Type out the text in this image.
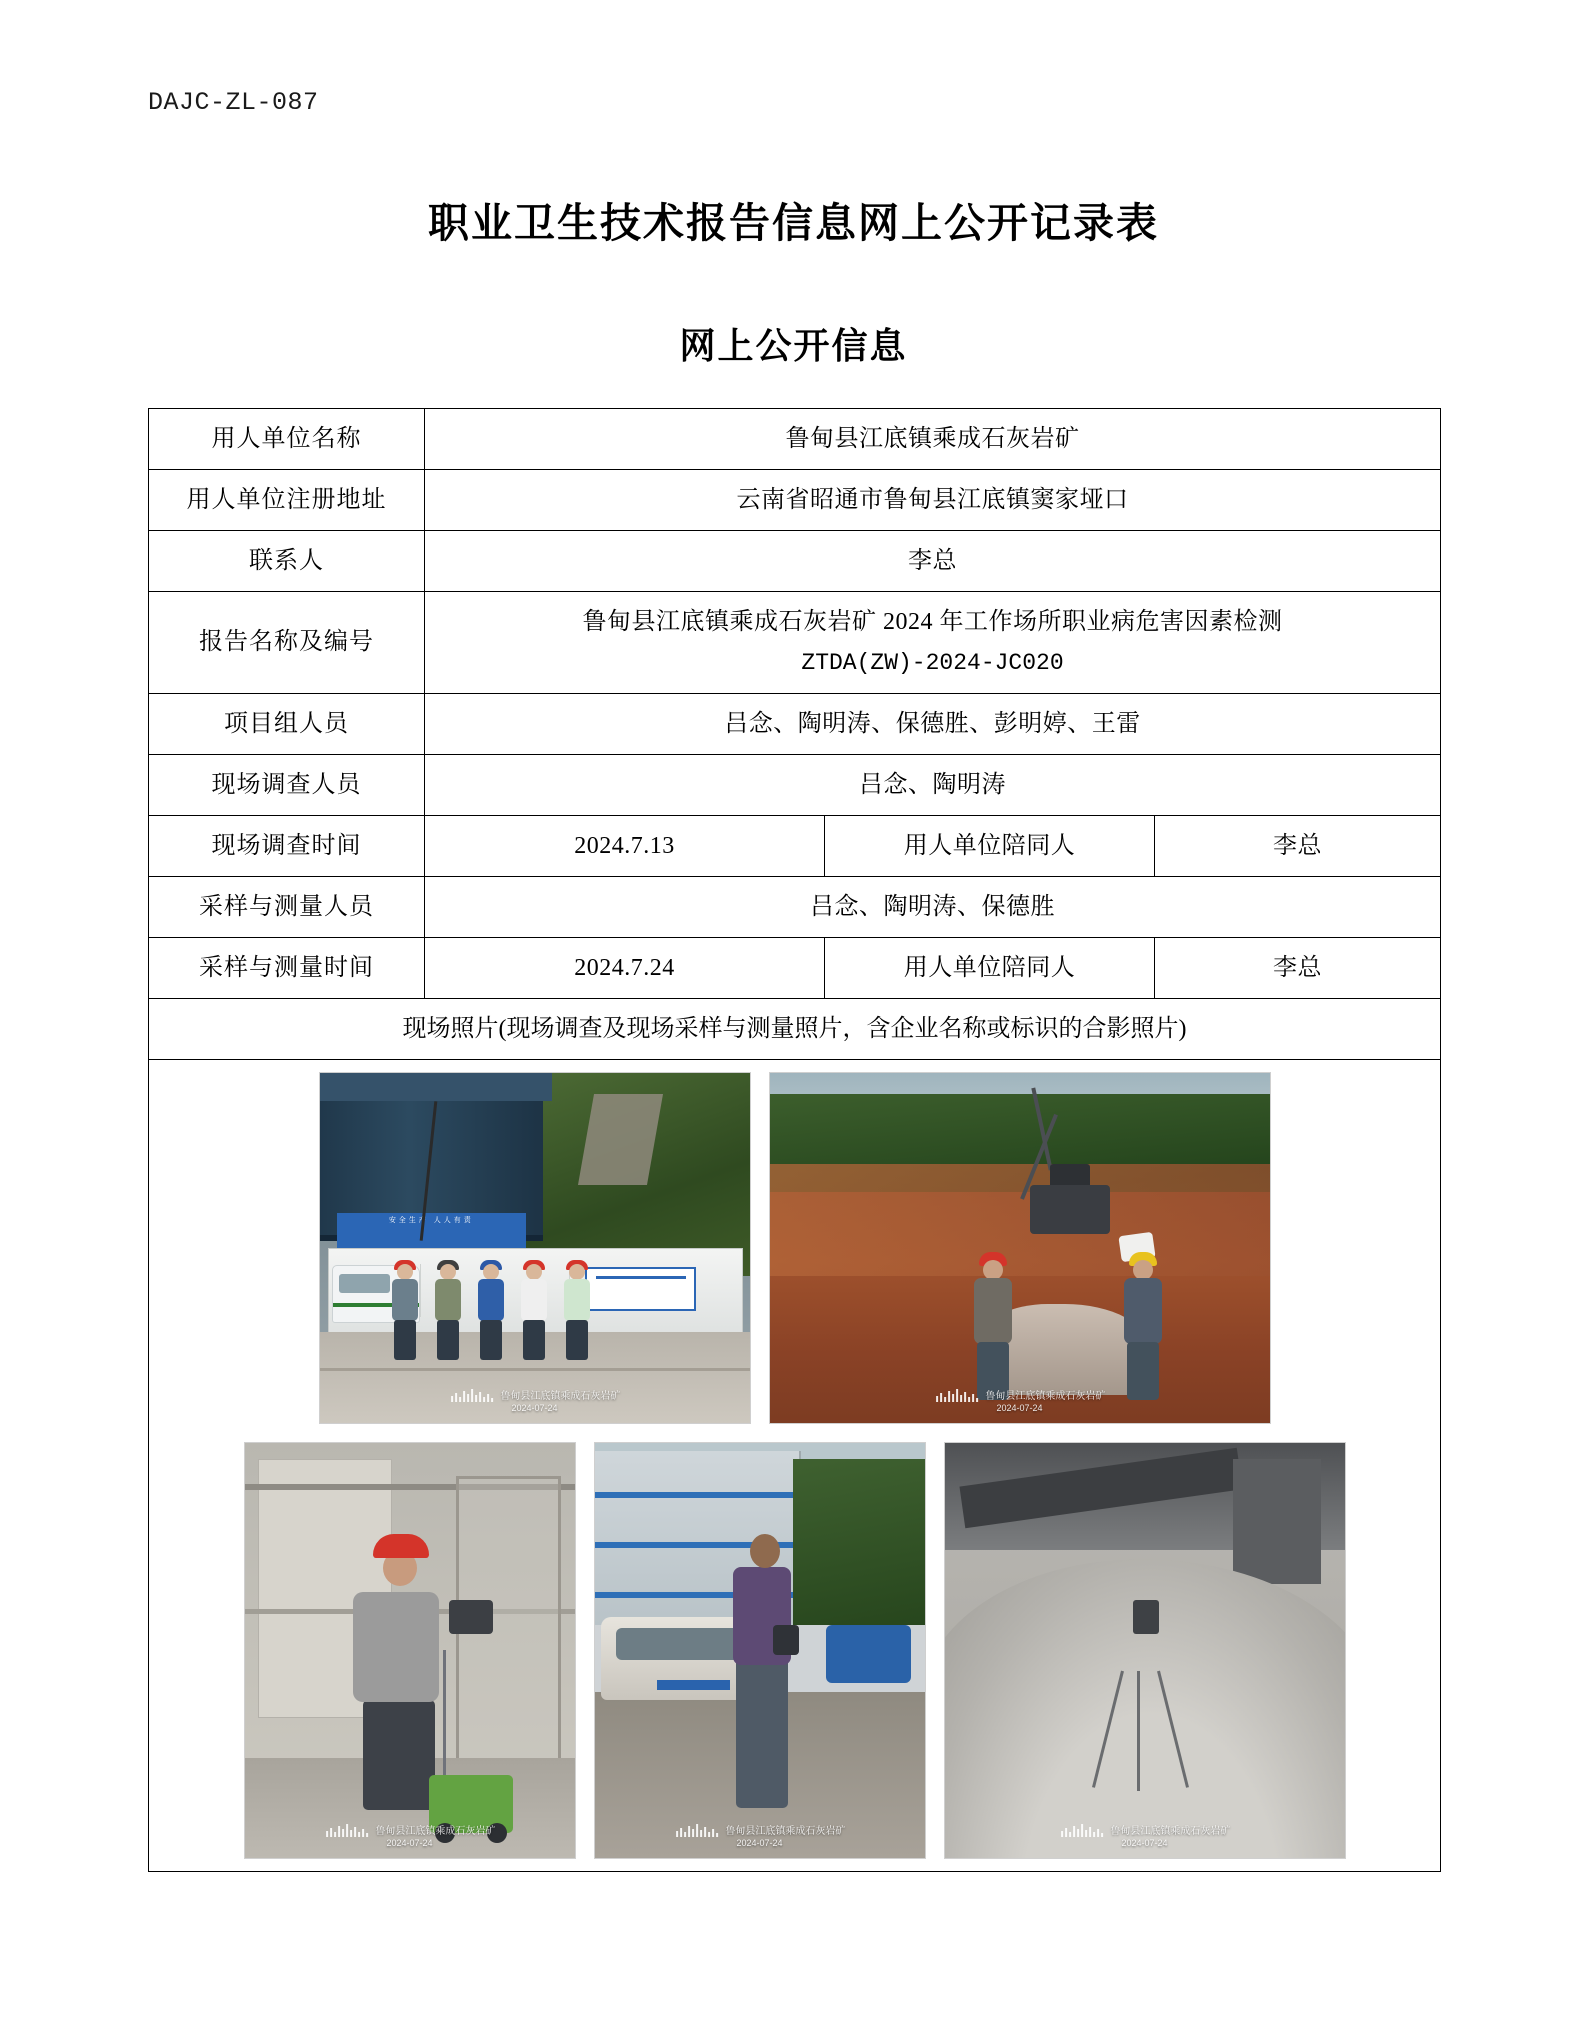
DAJC-ZL-087
职业卫生技术报告信息网上公开记录表
网上公开信息
用人单位名称	鲁甸县江底镇乘成石灰岩矿		
用人单位注册地址	云南省昭通市鲁甸县江底镇窦家垭口		
联系人	李总		
报告名称及编号	鲁甸县江底镇乘成石灰岩矿 2024 年工作场所职业病危害因素检测
ZTDA(ZW)-2024-JC020		

项目组人员	吕念、陶明涛、保德胜、彭明婷、王雷		
现场调查人员	吕念、陶明涛		
现场调查时间	2024.7.13	用人单位陪同人	李总
采样与测量人员	吕念、陶明涛、保德胜		
采样与测量时间	2024.7.24	用人单位陪同人	李总
现场照片(现场调查及现场采样与测量照片，含企业名称或标识的合影照片)			

安全生产 人人有责
鲁甸县江底镇乘成石灰岩矿
2024-07-24
鲁甸县江底镇乘成石灰岩矿
2024-07-24
鲁甸县江底镇乘成石灰岩矿
2024-07-24
鲁甸县江底镇乘成石灰岩矿
2024-07-24
鲁甸县江底镇乘成石灰岩矿
2024-07-24
